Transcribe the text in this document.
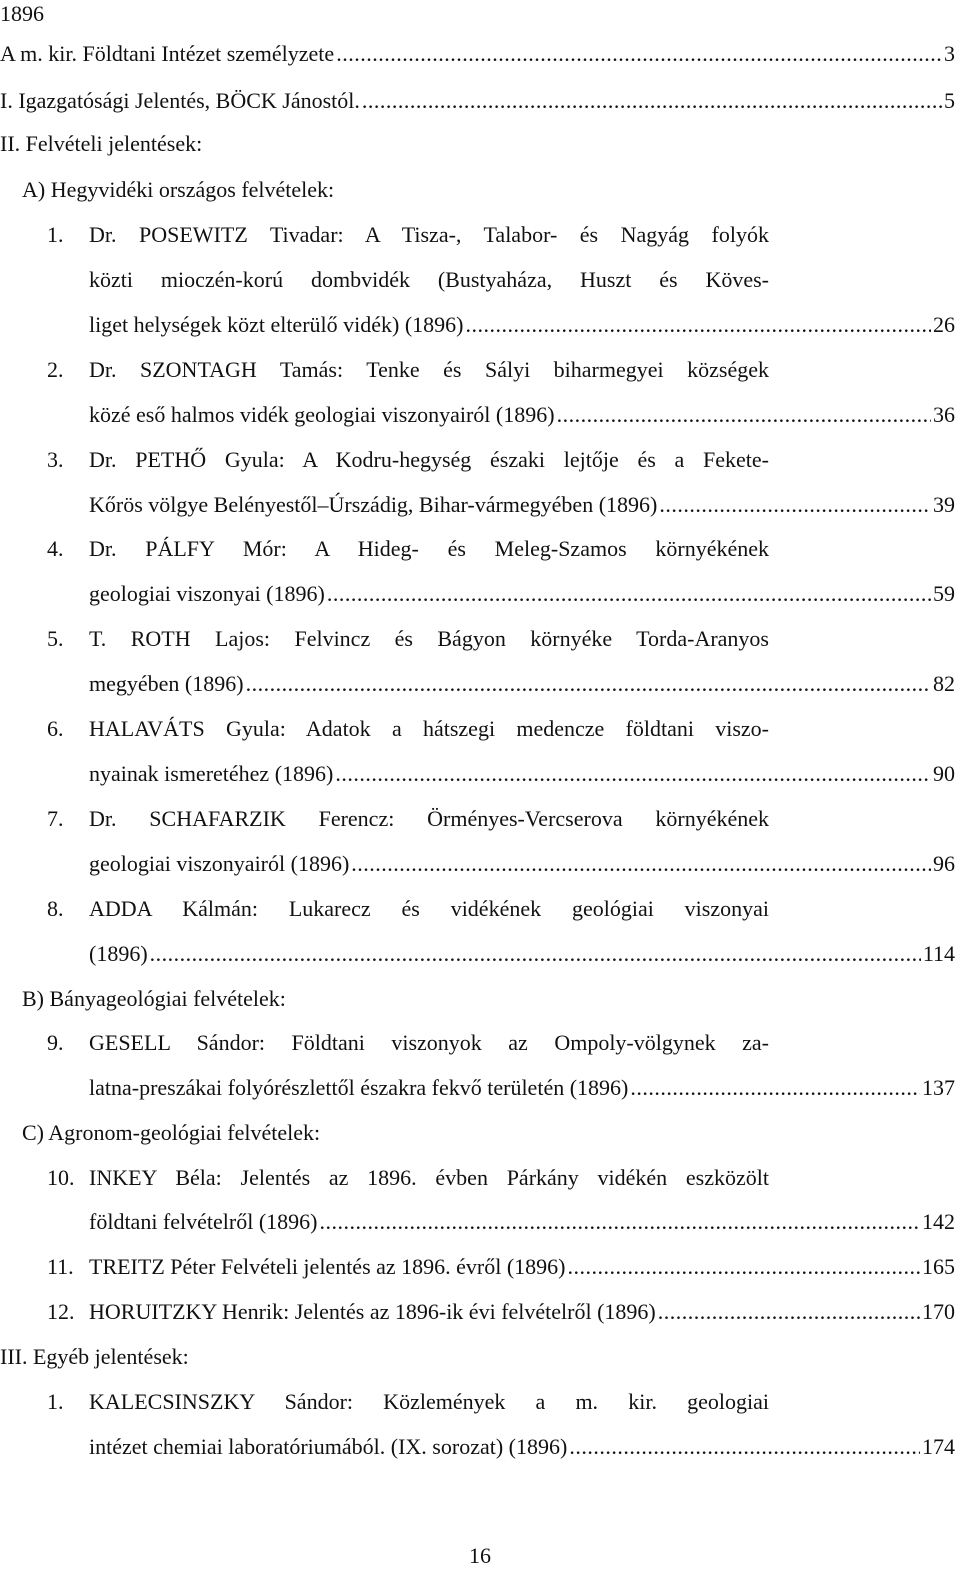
1896
A m. kir. Földtani Intézet személyzete .....	3
I. Igazgatósági Jelentés, BÖCK Jánostól. .....	5
II. Felvételi jelentések:
A) Hegyvidéki országos felvételek:
1. Dr. POSEWITZ Tivadar: A Tisza-, Talabor- és Nagyág folyók
közti mioczén-korú dombvidék (Bustyaháza, Huszt és Köves-
liget helységek közt elterülő vidék) (1896) .....	26
2. Dr. SZONTAGH Tamás: Tenke és Sályi biharmegyei községek
közé eső halmos vidék geologiai viszonyairól (1896) .....	36
3. Dr. PETHŐ Gyula: A Kodru-hegység északi lejtője és a Fekete-
Kőrös völgye Belényestől–Úrszádig, Bihar-vármegyében (1896) .....	39
4. Dr. PÁLFY Mór: A Hideg- és Meleg-Szamos környékének
geologiai viszonyai (1896) .....	59
5. T. ROTH Lajos: Felvincz és Bágyon környéke Torda-Aranyos
megyében (1896) .....	82
6. HALAVÁTS Gyula: Adatok a hátszegi medencze földtani viszo-
nyainak ismeretéhez (1896) .....	90
7. Dr. SCHAFARZIK Ferencz: Örményes-Vercserova környékének
geologiai viszonyairól (1896) .....	96
8. ADDA Kálmán: Lukarecz és vidékének geológiai viszonyai
(1896) .....	114
B) Bányageológiai felvételek:
9. GESELL Sándor: Földtani viszonyok az Ompoly-völgynek za-
latna-preszákai folyórészlettől északra fekvő területén (1896) .....	137
C) Agronom-geológiai felvételek:
10. INKEY Béla: Jelentés az 1896. évben Párkány vidékén eszközölt
földtani felvételről (1896) .....	142
11. TREITZ Péter Felvételi jelentés az 1896. évről (1896) .....	165
12. HORUITZKY Henrik: Jelentés az 1896-ik évi felvételről (1896) .....	170
III. Egyéb jelentések:
1. KALECSINSZKY Sándor: Közlemények a m. kir. geologiai
intézet chemiai laboratóriumából. (IX. sorozat) (1896) .....	174
16
